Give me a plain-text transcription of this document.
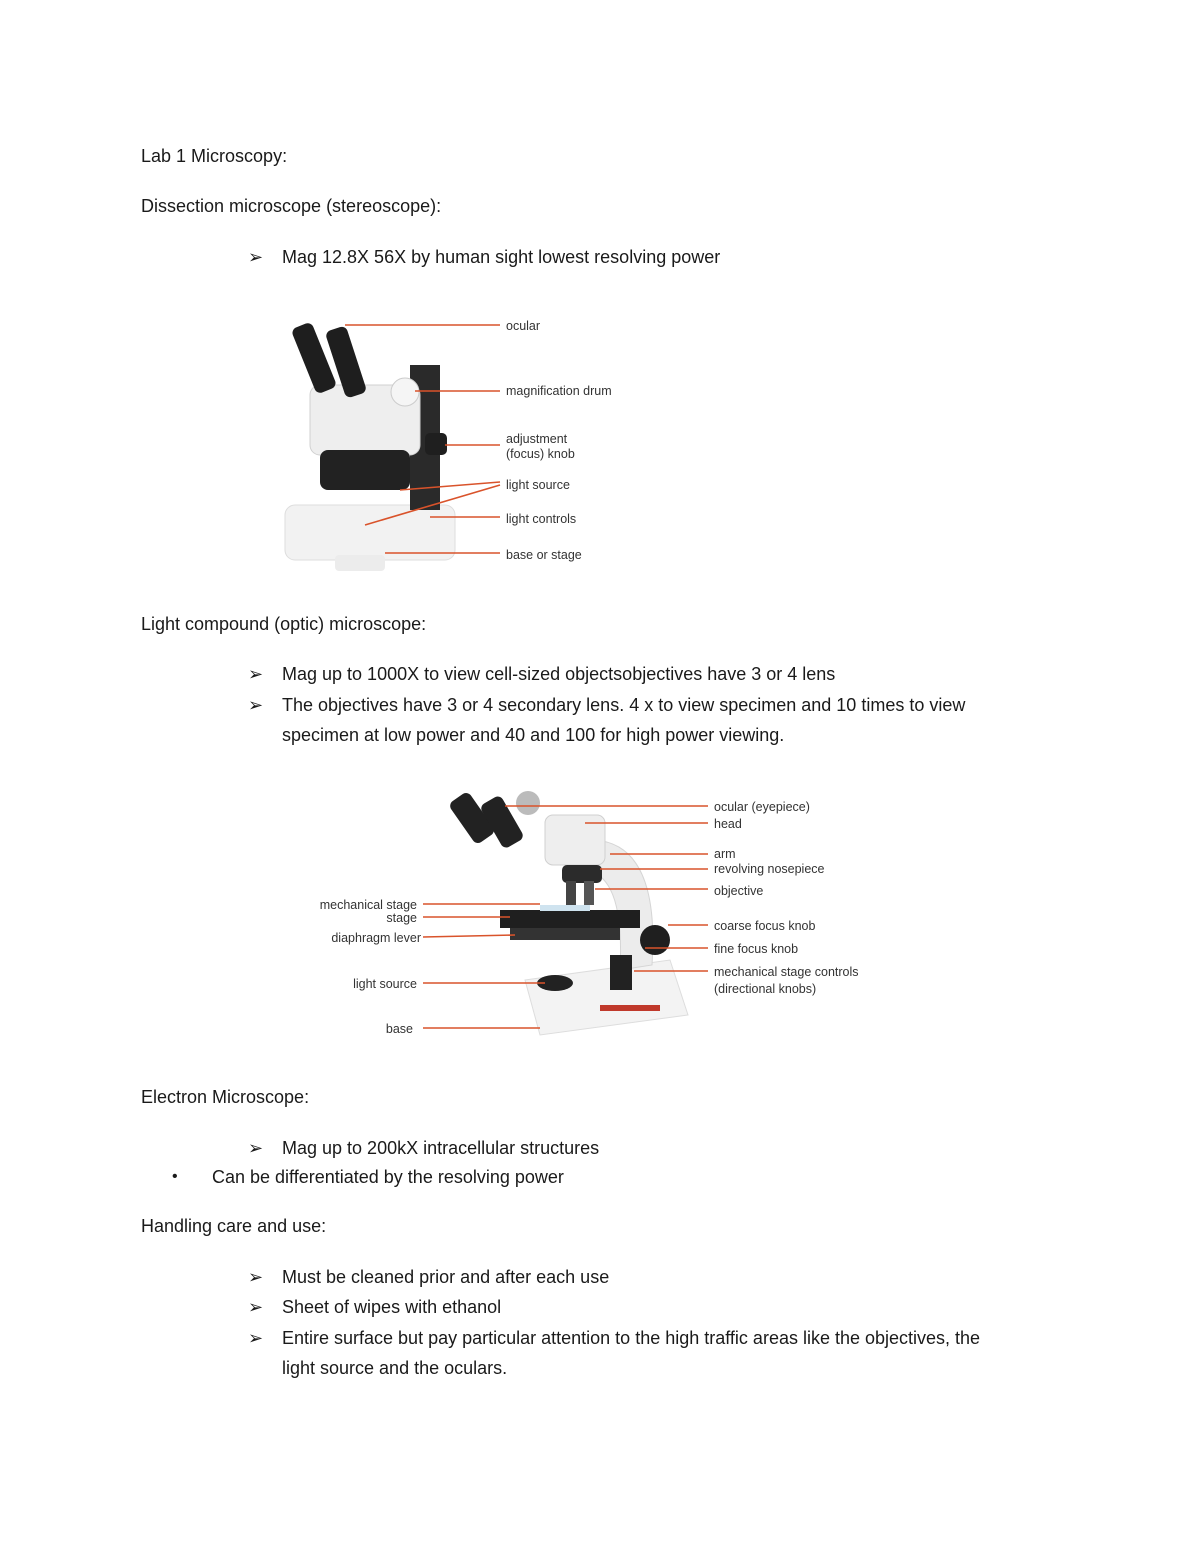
Lab 1 Microscopy:
Dissection microscope (stereoscope):
➢ Mag 12.8X 56X by human sight lowest resolving power
ocular
magnification drum
adjustment
(focus) knob
light source
light controls
base or stage
Light compound (optic) microscope:
➢ Mag up to 1000X to view cell-sized objectsobjectives have 3 or 4 lens
➢ The objectives have 3 or 4 secondary lens. 4 x to view specimen and 10 times to view
specimen at low power and 40 and 100 for high power viewing.
mechanical stage
stage
diaphragm lever
light source
base
ocular (eyepiece)
head
arm
revolving nosepiece
objective
coarse focus knob
fine focus knob
mechanical stage controls
(directional knobs)
Electron Microscope:
➢ Mag up to 200kX intracellular structures
• Can be differentiated by the resolving power
Handling care and use:
➢ Must be cleaned prior and after each use
➢ Sheet of wipes with ethanol
➢ Entire surface but pay particular attention to the high traffic areas like the objectives, the
light source and the oculars.
